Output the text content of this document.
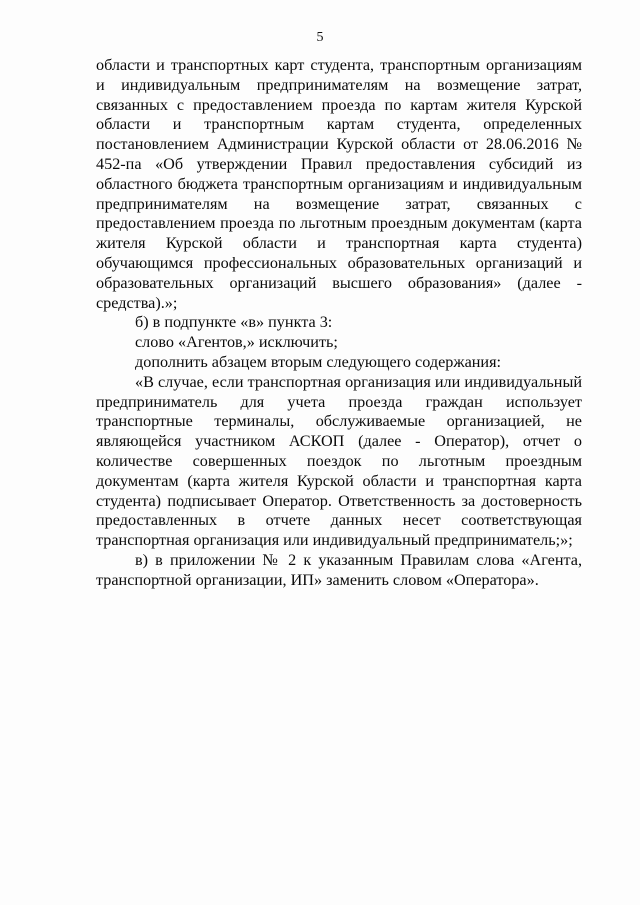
5

области и транспортных карт студента, транспортным организациям и индивидуальным предпринимателям на возмещение затрат, связанных с предоставлением проезда по картам жителя Курской области и транспортным картам студента, определенных постановлением Администрации Курской области от 28.06.2016 № 452-па «Об утверждении Правил предоставления субсидий из областного бюджета транспортным организациям и индивидуальным предпринимателям на возмещение затрат, связанных с предоставлением проезда по льготным проездным документам (карта жителя Курской области и транспортная карта студента) обучающимся профессиональных образовательных организаций и образовательных организаций высшего образования» (далее - средства).»;

б) в подпункте «в» пункта 3:

слово «Агентов,» исключить;

дополнить абзацем вторым следующего содержания:

«В случае, если транспортная организация или индивидуальный предприниматель для учета проезда граждан использует транспортные терминалы, обслуживаемые организацией, не являющейся участником АСКОП (далее - Оператор), отчет о количестве совершенных поездок по льготным проездным документам (карта жителя Курской области и транспортная карта студента) подписывает Оператор. Ответственность за достоверность предоставленных в отчете данных несет соответствующая транспортная организация или индивидуальный предприниматель;»;

в) в приложении № 2 к указанным Правилам слова «Агента, транспортной организации, ИП» заменить словом «Оператора».
